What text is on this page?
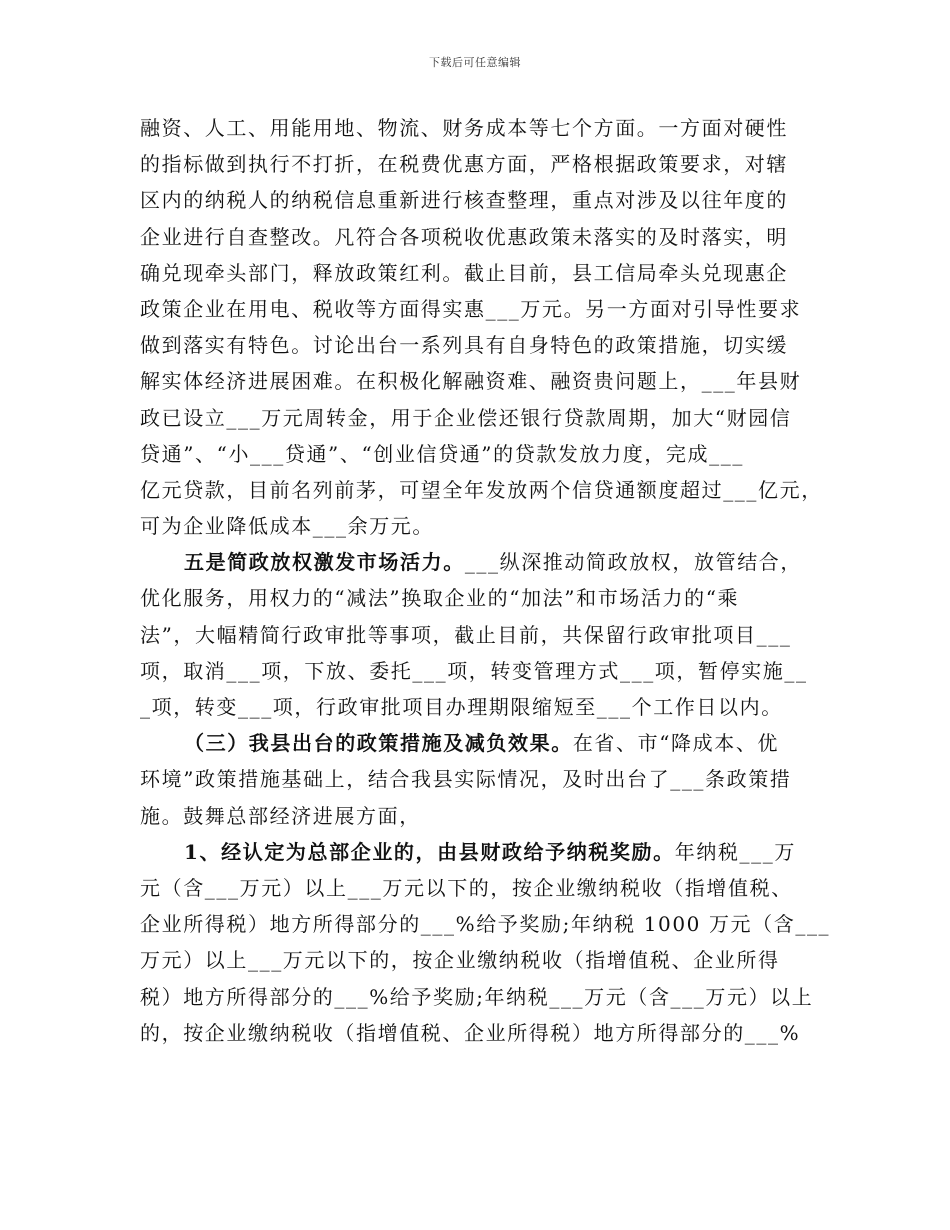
下载后可任意编辑
融资、人工、用能用地、物流、财务成本等七个方面。一方面对硬性
的指标做到执行不打折，在税费优惠方面，严格根据政策要求，对辖
区内的纳税人的纳税信息重新进行核查整理，重点对涉及以往年度的
企业进行自查整改。凡符合各项税收优惠政策未落实的及时落实，明
确兑现牵头部门，释放政策红利。截止目前，县工信局牵头兑现惠企
政策企业在用电、税收等方面得实惠___万元。另一方面对引导性要求
做到落实有特色。讨论出台一系列具有自身特色的政策措施，切实缓
解实体经济进展困难。在积极化解融资难、融资贵问题上，___年县财
政已设立___万元周转金，用于企业偿还银行贷款周期，加大“财园信
贷通”、“小___贷通”、“创业信贷通”的贷款发放力度，完成___
亿元贷款，目前名列前茅，可望全年发放两个信贷通额度超过___亿元，
可为企业降低成本___余万元。
五是简政放权激发市场活力。___纵深推动简政放权，放管结合，
优化服务，用权力的“减法”换取企业的“加法”和市场活力的“乘
法”，大幅精简行政审批等事项，截止目前，共保留行政审批项目___
项，取消___项，下放、委托___项，转变管理方式___项，暂停实施__
_项，转变___项，行政审批项目办理期限缩短至___个工作日以内。
（三）我县出台的政策措施及减负效果。在省、市“降成本、优
环境”政策措施基础上，结合我县实际情况，及时出台了___条政策措
施。鼓舞总部经济进展方面，
1、经认定为总部企业的，由县财政给予纳税奖励。年纳税___万
元（含___万元）以上___万元以下的，按企业缴纳税收（指增值税、
企业所得税）地方所得部分的___%给予奖励;年纳税 1000 万元（含___
万元）以上___万元以下的，按企业缴纳税收（指增值税、企业所得
税）地方所得部分的___%给予奖励;年纳税___万元（含___万元）以上
的，按企业缴纳税收（指增值税、企业所得税）地方所得部分的___%
